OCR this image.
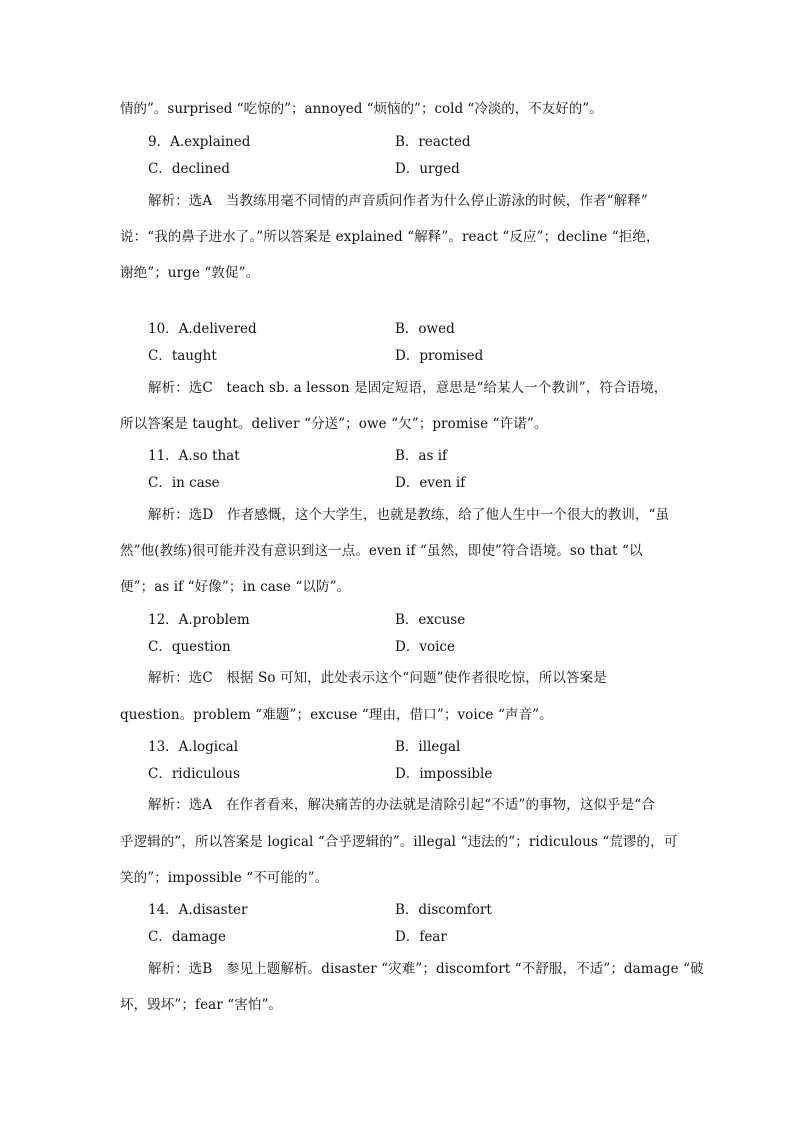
情的”。surprised “吃惊的”；annoyed “烦恼的”；cold “冷淡的，不友好的”。
9．A.explained	B．reacted
C．declined	D．urged
解析：选A　当教练用毫不同情的声音质问作者为什么停止游泳的时候，作者“解释”
说：“我的鼻子进水了。”所以答案是 explained “解释”。react “反应”；decline “拒绝，
谢绝”；urge “敦促”。
10．A.delivered	B．owed
C．taught	D．promised
解析：选C　teach sb. a lesson 是固定短语，意思是“给某人一个教训”，符合语境，
所以答案是 taught。deliver “分送”；owe “欠”；promise “许诺”。
11．A.so that	B．as if
C．in case	D．even if
解析：选D　作者感慨，这个大学生，也就是教练，给了他人生中一个很大的教训，“虽
然”他(教练)很可能并没有意识到这一点。even if “虽然，即使”符合语境。so that “以
便”；as if “好像”；in case “以防”。
12．A.problem	B．excuse
C．question	D．voice
解析：选C　根据 So 可知，此处表示这个“问题”使作者很吃惊，所以答案是
question。problem “难题”；excuse “理由，借口”；voice “声音”。
13．A.logical	B．illegal
C．ridiculous	D．impossible
解析：选A　在作者看来，解决痛苦的办法就是清除引起“不适”的事物，这似乎是“合
乎逻辑的”，所以答案是 logical “合乎逻辑的”。illegal “违法的”；ridiculous “荒谬的，可
笑的”；impossible “不可能的”。
14．A.disaster	B．discomfort
C．damage	D．fear
解析：选B　参见上题解析。disaster “灾难”；discomfort “不舒服，不适”；damage “破
坏，毁坏”；fear “害怕”。
